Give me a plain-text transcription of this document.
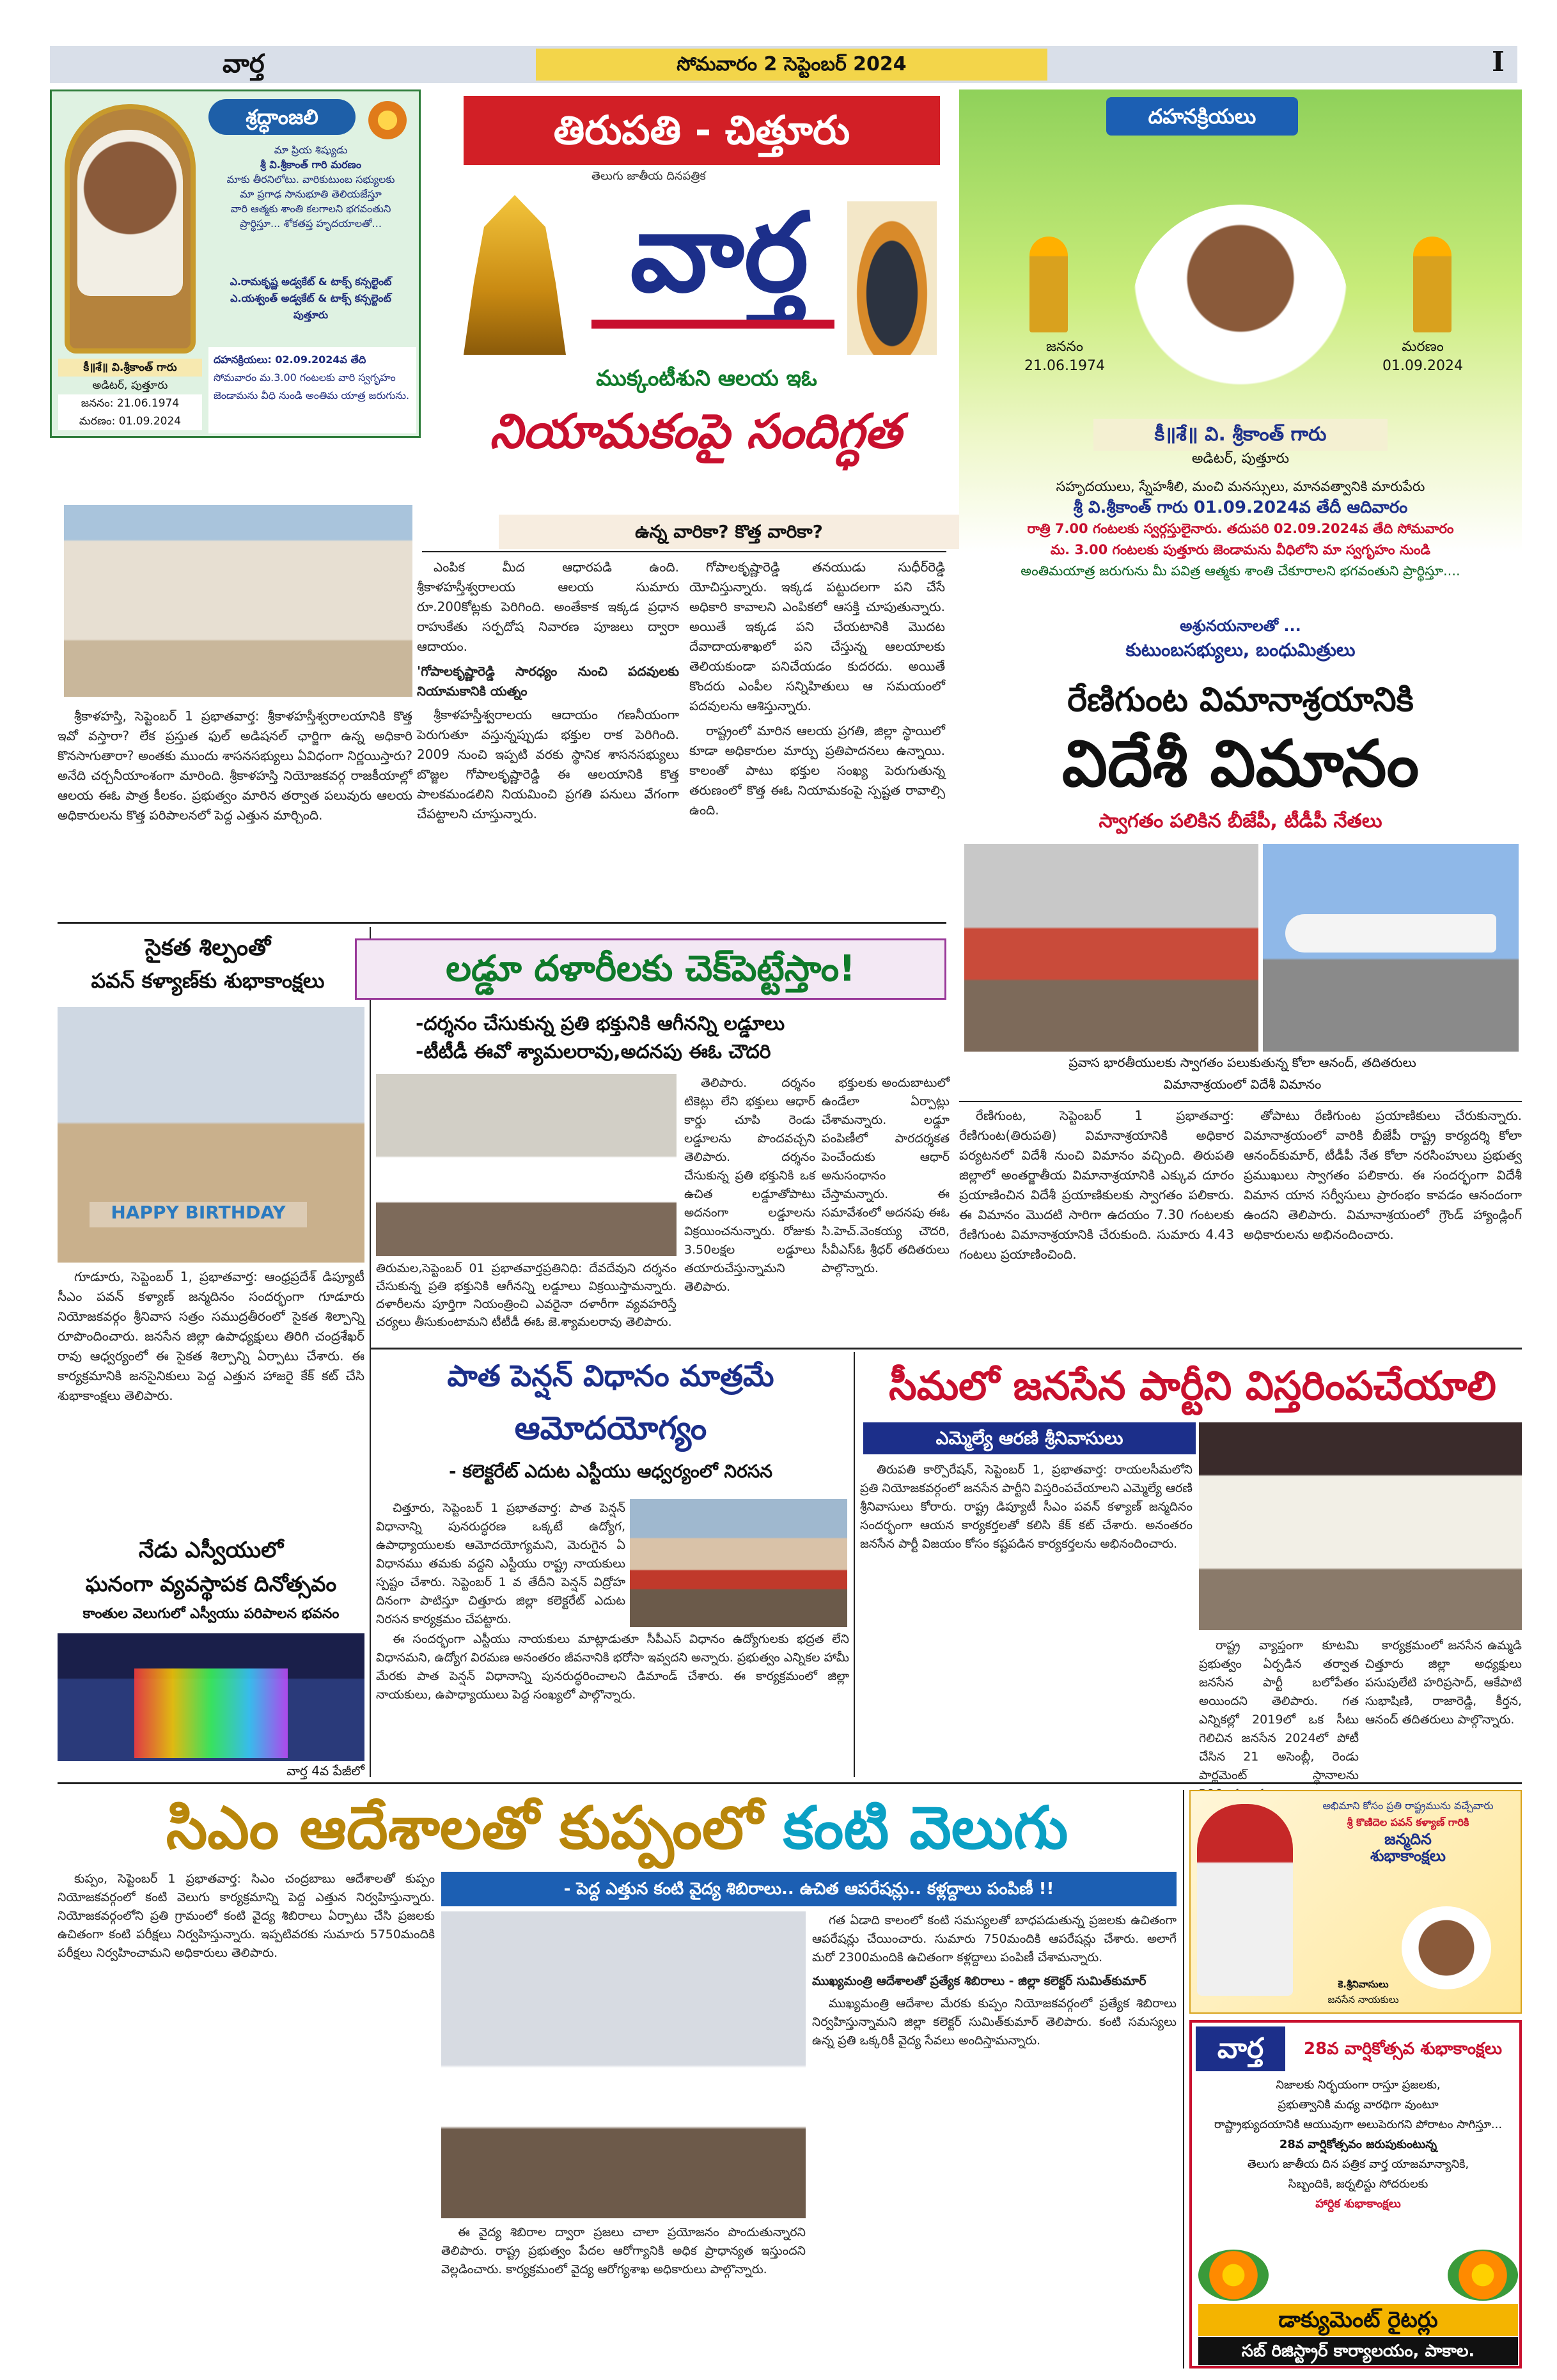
వార్త	సోమవారం 2 సెప్టెంబర్ 2024	I
శ్రద్ధాంజలి
మా ప్రియ శిష్యుడు
శ్రీ వి.శ్రీకాంత్ గారి మరణం
మాకు తీరనిలోటు. వారికుటుంబ సభ్యులకు
మా ప్రగాఢ సానుభూతి తెలియజేస్తూ
వారి ఆత్మకు శాంతి కలగాలని భగవంతుని
ప్రార్థిస్తూ... శోకతప్త హృదయాలతో...
ఎ.రామకృష్ణ అడ్వకేట్ & టాక్స్ కన్సల్టెంట్
ఎ.యశ్వంత్ అడ్వకేట్ & టాక్స్ కన్సల్టెంట్
పుత్తూరు
కీ॥శే॥ వి.శ్రీకాంత్ గారు
అడిటర్, పుత్తూరు
జననం: 21.06.1974
మరణం: 01.09.2024
దహనక్రియలు: 02.09.2024వ తేది
సోమవారం మ.3.00 గంటలకు వారి స్వగృహం
జెండామను వీధి నుండి అంతిమ యాత్ర జరుగును.
తిరుపతి - చిత్తూరు
తెలుగు జాతీయ దినపత్రిక
వార్త
దహనక్రియలు
జననం
21.06.1974
మరణం
01.09.2024
కీ॥శే॥ వి. శ్రీకాంత్ గారు
అడిటర్, పుత్తూరు
సహృదయులు, స్నేహశీలి, మంచి మనస్సులు, మానవత్వానికి మారుపేరు
శ్రీ వి.శ్రీకాంత్ గారు 01.09.2024వ తేదీ ఆదివారం
రాత్రి 7.00 గంటలకు స్వర్గస్తులైనారు. తదుపరి 02.09.2024వ తేది సోమవారం
మ. 3.00 గంటలకు పుత్తూరు జెండామను వీధిలోని మా స్వగృహం నుండి
అంతిమయాత్ర జరుగును మీ పవిత్ర ఆత్మకు శాంతి చేకూరాలని భగవంతుని ప్రార్థిస్తూ....
అశ్రునయనాలతో ...
కుటుంబసభ్యులు, బంధుమిత్రులు
ముక్కంటీశుని ఆలయ ఇఓ
నియామకంపై సందిగ్ధత
ఉన్న వారికా? కొత్త వారికా?

ఎంపిక మీద ఆధారపడి ఉంది. శ్రీకాళహస్తీశ్వరాలయ ఆలయ సుమారు రూ.200కోట్లకు పెరిగింది. అంతేకాక ఇక్కడ ప్రధాన రాహుకేతు సర్పదోష నివారణ పూజలు ద్వారా ఆదాయం.

'గోపాలకృష్ణారెడ్డి సారధ్యం నుంచి పదవులకు నియామకానికి యత్నం

శ్రీకాళహస్తీశ్వరాలయ ఆదాయం గణనీయంగా పెరుగుతూ వస్తున్నప్పుడు భక్తుల రాక పెరిగింది. 2009 నుంచి ఇప్పటి వరకు స్థానిక శాసనసభ్యులు బొజ్జల గోపాలకృష్ణారెడ్డి ఈ ఆలయానికి కొత్త పాలకమండలిని నియమించి ప్రగతి పనులు వేగంగా చేపట్టాలని చూస్తున్నారు.

గోపాలకృష్ణారెడ్డి తనయుడు సుధీర్‌రెడ్డి యోచిస్తున్నారు. ఇక్కడ పట్టుదలగా పని చేసే అధికారి కావాలని ఎంపికలో ఆసక్తి చూపుతున్నారు. అయితే ఇక్కడ పని చేయటానికి మొదట దేవాదాయశాఖలో పని చేస్తున్న ఆలయాలకు తెలియకుండా పనిచేయడం కుదరదు. అయితే కొందరు ఎంపీల సన్నిహితులు ఆ సమయంలో పదవులను ఆశిస్తున్నారు.

రాష్ట్రంలో మారిన ఆలయ ప్రగతి, జిల్లా స్థాయిలో కూడా అధికారుల మార్పు ప్రతిపాదనలు ఉన్నాయి. కాలంతో పాటు భక్తుల సంఖ్య పెరుగుతున్న తరుణంలో కొత్త ఈఓ నియామకంపై స్పష్టత రావాల్సి ఉంది.

శ్రీకాళహస్తి, సెప్టెంబర్ 1 ప్రభాతవార్త: శ్రీకాళహస్తీశ్వరాలయానికి కొత్త ఇవో వస్తారా? లేక ప్రస్తుత ఫుల్ అడిషనల్ ఛార్జిగా ఉన్న అధికారి కొనసాగుతారా? అంతకు ముందు శాసనసభ్యులు ఏవిధంగా నిర్ణయిస్తారు? అనేది చర్చనీయాంశంగా మారింది. శ్రీకాళహస్తి నియోజకవర్గ రాజకీయాల్లో ఆలయ ఈఓ పాత్ర కీలకం. ప్రభుత్వం మారిన తర్వాత పలువురు ఆలయ అధికారులను కొత్త పరిపాలనలో పెద్ద ఎత్తున మార్చింది.

రేణిగుంట విమానాశ్రయానికి
విదేశీ విమానం
స్వాగతం పలికిన బీజేపీ, టీడీపీ నేతలు
ప్రవాస భారతీయులకు స్వాగతం పలుకుతున్న కోలా ఆనంద్, తదితరులు
విమానాశ్రయంలో విదేశీ విమానం

రేణిగుంట, సెప్టెంబర్ 1 ప్రభాతవార్త: రేణిగుంట(తిరుపతి) విమానాశ్రయానికి అధికార పర్యటనలో విదేశీ నుంచి విమానం వచ్చింది. తిరుపతి జిల్లాలో అంతర్జాతీయ విమానాశ్రయానికి ఎక్కువ దూరం ప్రయాణించిన విదేశీ ప్రయాణికులకు స్వాగతం పలికారు. ఈ విమానం మొదటి సారిగా ఉదయం 7.30 గంటలకు రేణిగుంట విమానాశ్రయానికి చేరుకుంది. సుమారు 4.43 గంటలు ప్రయాణించింది.

తోపాటు రేణిగుంట ప్రయాణికులు చేరుకున్నారు. విమానాశ్రయంలో వారికి బీజేపీ రాష్ట్ర కార్యదర్శి కోలా ఆనంద్‌కుమార్, టీడీపీ నేత కోలా నరసింహులు ప్రభుత్వ ప్రముఖులు స్వాగతం పలికారు. ఈ సందర్భంగా విదేశీ విమాన యాన సర్వీసులు ప్రారంభం కావడం ఆనందంగా ఉందని తెలిపారు. విమానాశ్రయంలో గ్రౌండ్ హ్యాండ్లింగ్ అధికారులను అభినందించారు.

సైకత శిల్పంతో
పవన్ కళ్యాణ్‌కు శుభాకాంక్షలు
HAPPY BIRTHDAY

గూడూరు, సెప్టెంబర్ 1, ప్రభాతవార్త: ఆంధ్రప్రదేశ్ డిప్యూటీ సీఎం పవన్ కళ్యాణ్ జన్మదినం సందర్భంగా గూడూరు నియోజకవర్గం శ్రీనివాస సత్రం సముద్రతీరంలో సైకత శిల్పాన్ని రూపొందించారు. జనసేన జిల్లా ఉపాధ్యక్షులు తిరిగి చంద్రశేఖర్ రావు ఆధ్వర్యంలో ఈ సైకత శిల్పాన్ని ఏర్పాటు చేశారు. ఈ కార్యక్రమానికి జనసైనికులు పెద్ద ఎత్తున హాజరై కేక్ కట్ చేసి శుభాకాంక్షలు తెలిపారు.

లడ్డూ దళారీలకు చెక్‌పెట్టేస్తాం!
-దర్శనం చేసుకున్న ప్రతి భక్తునికి ఆగీనన్ని లడ్డూలు
-టీటీడీ ఈవో శ్యామలరావు,అదనపు ఈఓ చౌదరి
తిరుమల,సెప్టెంబర్ 01 ప్రభాతవార్తప్రతినిధి: దేవదేవుని దర్శనం చేసుకున్న ప్రతి భక్తునికి ఆగీనన్ని లడ్డూలు విక్రయిస్తామన్నారు. దళారీలను పూర్తిగా నియంత్రించి ఎవరైనా దళారీగా వ్యవహరిస్తే చర్యలు తీసుకుంటామని టీటీడీ ఈఓ జె.శ్యామలరావు తెలిపారు.

తెలిపారు. దర్శనం టికెట్లు లేని భక్తులు ఆధార్ కార్డు చూపి రెండు లడ్డూలను పొందవచ్చని తెలిపారు. దర్శనం చేసుకున్న ప్రతి భక్తునికి ఒక ఉచిత లడ్డూతోపాటు అదనంగా లడ్డూలను విక్రయించనున్నారు. రోజుకు 3.50లక్షల లడ్డూలు తయారుచేస్తున్నామని తెలిపారు.

భక్తులకు అందుబాటులో ఉండేలా ఏర్పాట్లు చేశామన్నారు. లడ్డూ పంపిణీలో పారదర్శకత పెంచేందుకు ఆధార్ అనుసంధానం చేస్తామన్నారు. ఈ సమావేశంలో అదనపు ఈఓ సి.హెచ్.వెంకయ్య చౌదరి, సీవీఎస్ఓ శ్రీధర్ తదితరులు పాల్గొన్నారు.

పాత పెన్షన్ విధానం మాత్రమే
ఆమోదయోగ్యం
- కలెక్టరేట్ ఎదుట ఎస్టీయు ఆధ్వర్యంలో నిరసన

చిత్తూరు, సెప్టెంబర్ 1 ప్రభాతవార్త: పాత పెన్షన్ విధానాన్ని పునరుద్ధరణ ఒక్కటే ఉద్యోగ, ఉపాధ్యాయులకు ఆమోదయోగ్యమని, మెరుగైన ఏ విధానము తమకు వద్దని ఎస్టీయు రాష్ట్ర నాయకులు స్పష్టం చేశారు. సెప్టెంబర్ 1 వ తేదీని పెన్షన్ విద్రోహ దినంగా పాటిస్తూ చిత్తూరు జిల్లా కలెక్టరేట్ ఎదుట నిరసన కార్యక్రమం చేపట్టారు.

ఈ సందర్భంగా ఎస్టీయు నాయకులు మాట్లాడుతూ సీపీఎస్ విధానం ఉద్యోగులకు భద్రత లేని విధానమని, ఉద్యోగ విరమణ అనంతరం జీవనానికి భరోసా ఇవ్వదని అన్నారు. ప్రభుత్వం ఎన్నికల హామీ మేరకు పాత పెన్షన్ విధానాన్ని పునరుద్ధరించాలని డిమాండ్ చేశారు. ఈ కార్యక్రమంలో జిల్లా నాయకులు, ఉపాధ్యాయులు పెద్ద సంఖ్యలో పాల్గొన్నారు.

సీమలో జనసేన పార్టీని విస్తరింపచేయాలి
ఎమ్మెల్యే ఆరణి శ్రీనివాసులు

తిరుపతి కార్పొరేషన్, సెప్టెంబర్ 1, ప్రభాతవార్త: రాయలసీమలోని ప్రతి నియోజకవర్గంలో జనసేన పార్టీని విస్తరింపచేయాలని ఎమ్మెల్యే ఆరణి శ్రీనివాసులు కోరారు. రాష్ట్ర డిప్యూటీ సీఎం పవన్ కళ్యాణ్ జన్మదినం సందర్భంగా ఆయన కార్యకర్తలతో కలిసి కేక్ కట్ చేశారు. అనంతరం జనసేన పార్టీ విజయం కోసం కష్టపడిన కార్యకర్తలను అభినందించారు.

రాష్ట్ర వ్యాప్తంగా కూటమి ప్రభుత్వం ఏర్పడిన తర్వాత జనసేన పార్టీ బలోపేతం అయిందని తెలిపారు. గత ఎన్నికల్లో 2019లో ఒక సీటు గెలిచిన జనసేన 2024లో పోటీ చేసిన 21 అసెంబ్లీ, రెండు పార్లమెంట్ స్థానాలను

కార్యక్రమంలో జనసేన ఉమ్మడి చిత్తూరు జిల్లా అధ్యక్షులు పసుపులేటి హరిప్రసాద్, ఆకేపాటి సుభాషిణి, రాజారెడ్డి, కీర్తన, ఆనంద్ తదితరులు పాల్గొన్నారు.

నేడు ఎస్వీయులో
ఘనంగా వ్యవస్థాపక దినోత్సవం
కాంతుల వెలుగులో ఎస్వీయు పరిపాలన భవనం
వార్త 4వ పేజీలో
సిఎం ఆదేశాలతో కుప్పంలో కంటి వెలుగు
- పెద్ద ఎత్తున కంటి వైద్య శిబిరాలు.. ఉచిత ఆపరేషన్లు.. కళ్లద్దాలు పంపిణీ !!

కుప్పం, సెప్టెంబర్ 1 ప్రభాతవార్త: సిఎం చంద్రబాబు ఆదేశాలతో కుప్పం నియోజకవర్గంలో కంటి వెలుగు కార్యక్రమాన్ని పెద్ద ఎత్తున నిర్వహిస్తున్నారు. నియోజకవర్గంలోని ప్రతి గ్రామంలో కంటి వైద్య శిబిరాలు ఏర్పాటు చేసి ప్రజలకు ఉచితంగా కంటి పరీక్షలు నిర్వహిస్తున్నారు. ఇప్పటివరకు సుమారు 5750మందికి పరీక్షలు నిర్వహించామని అధికారులు తెలిపారు.

గత ఏడాది కాలంలో కంటి సమస్యలతో బాధపడుతున్న ప్రజలకు ఉచితంగా ఆపరేషన్లు చేయించారు. సుమారు 750మందికి ఆపరేషన్లు చేశారు. అలాగే మరో 2300మందికి ఉచితంగా కళ్లద్దాలు పంపిణీ చేశామన్నారు.

ముఖ్యమంత్రి ఆదేశాలతో ప్రత్యేక శిబిరాలు - జిల్లా కలెక్టర్ సుమిత్‌కుమార్

ముఖ్యమంత్రి ఆదేశాల మేరకు కుప్పం నియోజకవర్గంలో ప్రత్యేక శిబిరాలు నిర్వహిస్తున్నామని జిల్లా కలెక్టర్ సుమిత్‌కుమార్ తెలిపారు. కంటి సమస్యలు ఉన్న ప్రతి ఒక్కరికీ వైద్య సేవలు అందిస్తామన్నారు.

ఈ వైద్య శిబిరాల ద్వారా ప్రజలు చాలా ప్రయోజనం పొందుతున్నారని తెలిపారు. రాష్ట్ర ప్రభుత్వం పేదల ఆరోగ్యానికి అధిక ప్రాధాన్యత ఇస్తుందని వెల్లడించారు. కార్యక్రమంలో వైద్య ఆరోగ్యశాఖ అధికారులు పాల్గొన్నారు.

అభిమాని కోసం ప్రతి రాష్ట్రమును వచ్చేవారు
శ్రీ కొణిదెల పవన్ కళ్యాణ్ గారికి
జన్మదిన
శుభాకాంక్షలు
కె.శ్రీనివాసులు
జనసేన నాయకులు
వార్త	28వ వార్షికోత్సవ శుభాకాంక్షలు
నిజాలకు నిర్భయంగా రాస్తూ ప్రజలకు,
ప్రభుత్వానికి మధ్య వారధిగా వుంటూ
రాష్ట్రాభ్యుదయానికి ఆయువుగా అలుపెరుగని పోరాటం సాగిస్తూ...
28వ వార్షికోత్సవం జరుపుకుంటున్న
తెలుగు జాతీయ దిన పత్రిక వార్త యాజమాన్యానికి,
సిబ్బందికి, జర్నలిస్టు సోదరులకు
హార్దిక శుభాకాంక్షలు
డాక్యుమెంట్ రైటర్లు
సబ్ రిజిస్ట్రార్ కార్యాలయం, పాకాల.
